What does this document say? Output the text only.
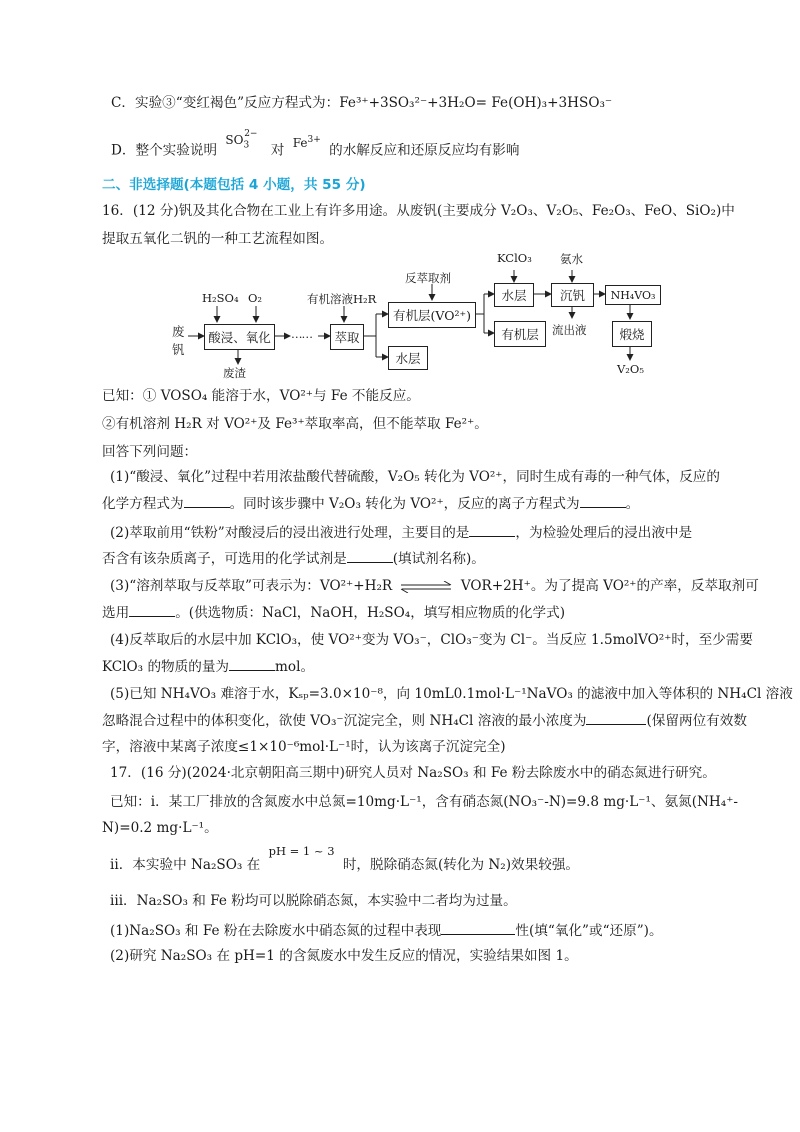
C．实验③“变红褐色”反应方程式为：Fe³⁺+3SO₃²⁻+3H₂O= Fe(OH)₃+3HSO₃⁻
D．整个实验说明 $SO_3^{2-}$ 对 $Fe^{3+}$ 的水解反应和还原反应均有影响
二、非选择题(本题包括 4 小题，共 55 分)
16．(12 分)钒及其化合物在工业上有许多用途。从废钒(主要成分 V₂O₃、V₂O₅、Fe₂O₃、FeO、SiO₂)中
提取五氧化二钒的一种工艺流程如图。
废
钒
H₂SO₄ O₂
酸浸、氧化
废渣
……
有机溶液H₂R
萃取
反萃取剂
有机层(VO²⁺)
水层
KClO₃ 氨水
水层
有机层
沉钒
流出液
NH₄VO₃
煅烧
V₂O₅
已知：① VOSO₄ 能溶于水，VO²⁺与 Fe 不能反应。
②有机溶剂 H₂R 对 VO²⁺及 Fe³⁺萃取率高，但不能萃取 Fe²⁺。
回答下列问题：
(1)“酸浸、氧化”过程中若用浓盐酸代替硫酸，V₂O₅ 转化为 VO²⁺，同时生成有毒的一种气体，反应的
化学方程式为	。同时该步骤中 V₂O₃ 转化为 VO²⁺，反应的离子方程式为	。
(2)萃取前用“铁粉”对酸浸后的浸出液进行处理，主要目的是	，为检验处理后的浸出液中是
否含有该杂质离子，可选用的化学试剂是	(填试剂名称)。
(3)“溶剂萃取与反萃取”可表示为：VO²⁺+H₂R	VOR+2H⁺。为了提高 VO²⁺的产率，反萃取剂可
选用	。(供选物质：NaCl，NaOH，H₂SO₄，填写相应物质的化学式)
(4)反萃取后的水层中加 KClO₃，使 VO²⁺变为 VO₃⁻，ClO₃⁻变为 Cl⁻。当反应 1.5molVO²⁺时，至少需要
KClO₃ 的物质的量为	mol。
(5)已知 NH₄VO₃ 难溶于水，Kₛₚ=3.0×10⁻⁸，向 10mL0.1mol·L⁻¹NaVO₃ 的滤液中加入等体积的 NH₄Cl 溶液
忽略混合过程中的体积变化，欲使 VO₃⁻沉淀完全，则 NH₄Cl 溶液的最小浓度为	(保留两位有效数
字，溶液中某离子浓度≤1×10⁻⁶mol·L⁻¹时，认为该离子沉淀完全)
17．(16 分)(2024·北京朝阳高三期中)研究人员对 Na₂SO₃ 和 Fe 粉去除废水中的硝态氮进行研究。
已知：i．某工厂排放的含氮废水中总氮=10mg·L⁻¹，含有硝态氮(NO₃⁻-N)=9.8 mg·L⁻¹、氨氮(NH₄⁺-
N)=0.2 mg·L⁻¹。
ii．本实验中 Na₂SO₃ 在 pH = 1 ~ 3 时，脱除硝态氮(转化为 N₂)效果较强。
iii．Na₂SO₃ 和 Fe 粉均可以脱除硝态氮，本实验中二者均为过量。
(1)Na₂SO₃ 和 Fe 粉在去除废水中硝态氮的过程中表现	性(填“氧化”或“还原”)。
(2)研究 Na₂SO₃ 在 pH=1 的含氮废水中发生反应的情况，实验结果如图 1。
